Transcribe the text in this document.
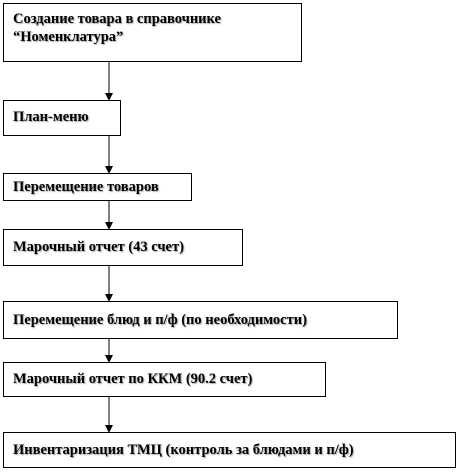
Создание товара в справочнике
“Номенклатура”
План-меню
Перемещение товаров
Марочный отчет (43 счет)
Перемещение блюд и п/ф (по необходимости)
Марочный отчет по ККМ (90.2 счет)
Инвентаризация ТМЦ (контроль за блюдами и п/ф)
